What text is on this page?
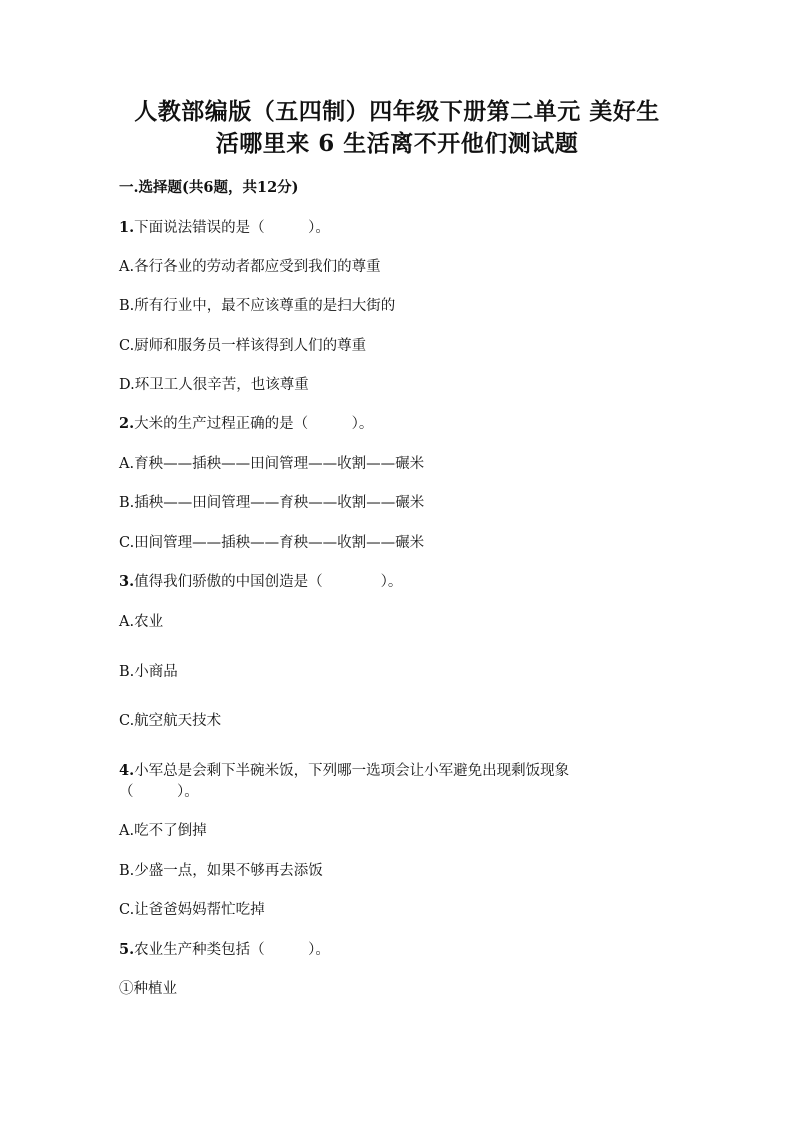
人教部编版（五四制）四年级下册第二单元 美好生
活哪里来 6 生活离不开他们测试题
一.选择题(共6题，共12分)
1.下面说法错误的是（　　　）。
A.各行各业的劳动者都应受到我们的尊重
B.所有行业中，最不应该尊重的是扫大街的
C.厨师和服务员一样该得到人们的尊重
D.环卫工人很辛苦，也该尊重
2.大米的生产过程正确的是（　　　）。
A.育秧——插秧——田间管理——收割——碾米
B.插秧——田间管理——育秧——收割——碾米
C.田间管理——插秧——育秧——收割——碾米
3.值得我们骄傲的中国创造是（　　　　）。
A.农业
B.小商品
C.航空航天技术
4.小军总是会剩下半碗米饭，下列哪一选项会让小军避免出现剩饭现象
（　　　）。
A.吃不了倒掉
B.少盛一点，如果不够再去添饭
C.让爸爸妈妈帮忙吃掉
5.农业生产种类包括（　　　）。
①种植业
